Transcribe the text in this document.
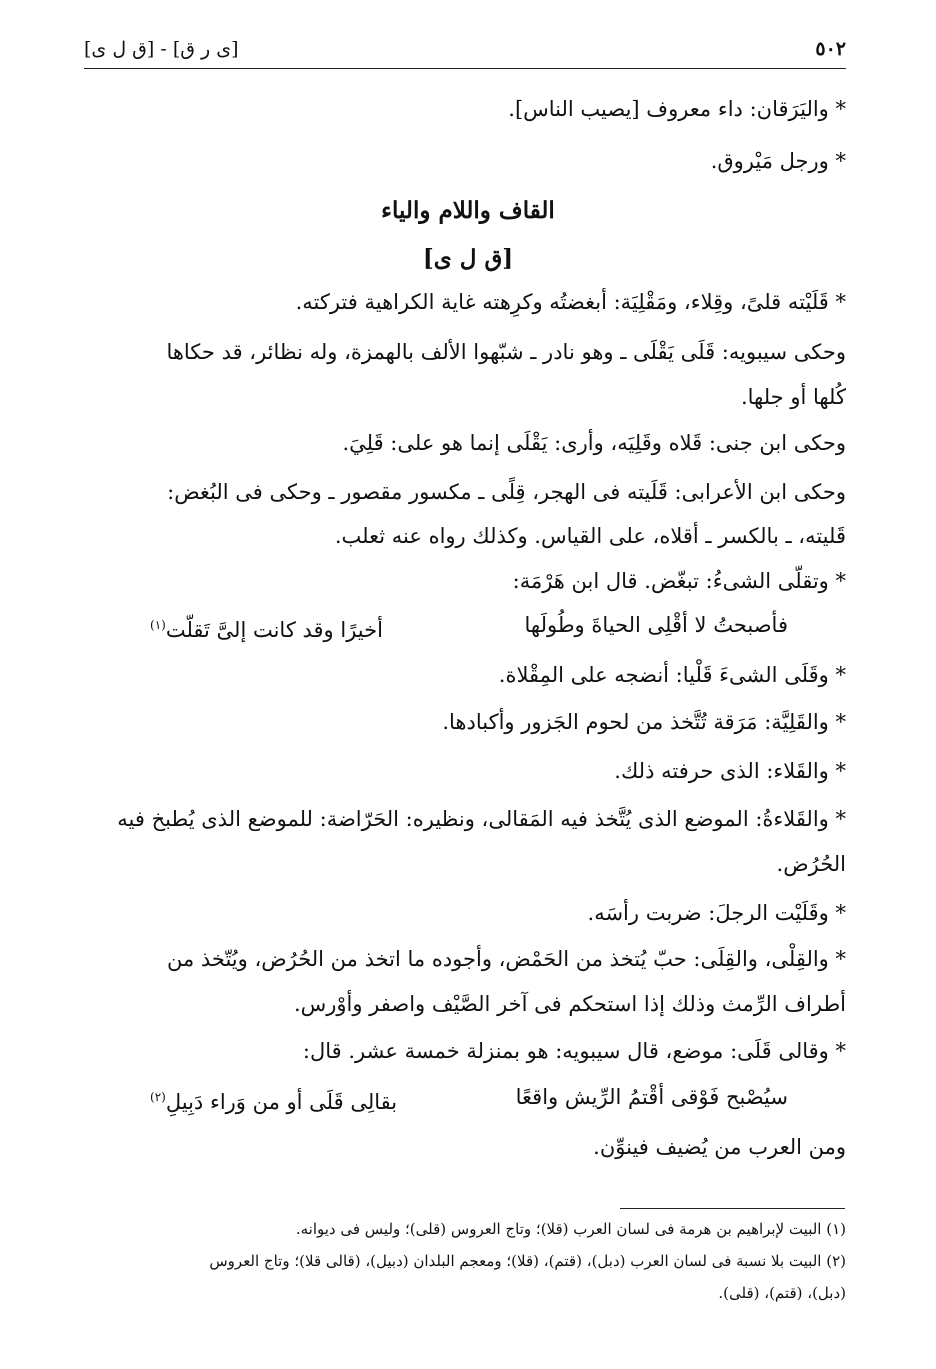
٥٠٢
[ى ر ق] - [ق ل ى]
* واليَرَقان: داء معروف [يصيب الناس].
* ورجل مَيْروق.
القاف واللام والياء
[ق ل ى]
* قَلَيْته قلىً، وقِلاء، ومَقْلِيَة: أبغضتُه وكرِهته غاية الكراهية فتركته.
وحكى سيبويه: قَلَى يَقْلَى ـ وهو نادر ـ شبّهوا الألف بالهمزة، وله نظائر، قد حكاها
كُلها أو جلها.
وحكى ابن جنى: قَلاه وقَلِيَه، وأرى: يَقْلَى إنما هو على: قَلِيَ.
وحكى ابن الأعرابى: قَلَيته فى الهجر، قِلًى ـ مكسور مقصور ـ وحكى فى البُغض:
قَليته، ـ بالكسر ـ أقلاه، على القياس. وكذلك رواه عنه ثعلب.
* وتقلّى الشىءُ: تبغّض. قال ابن هَرْمَة:
فأصبحتُ لا أقْلِى الحياةَ وطُولَها
أخيرًا وقد كانت إلىَّ تَقلّت$^{(١)}$
* وقَلَى الشىءَ قَلْيا: أنضجه على المِقْلاة.
* والقَلِيَّة: مَرَقة تُتَّخذ من لحوم الجَزور وأكبادها.
* والقَلاء: الذى حرفته ذلك.
* والقَلاءةُ: الموضع الذى يُتَّخذ فيه المَقالى، ونظيره: الحَرّاضة: للموضع الذى يُطبخ فيه
الحُرُض.
* وقَلَيْت الرجلَ: ضربت رأسَه.
* والقِلْى، والقِلَى: حبّ يُتخذ من الحَمْض، وأجوده ما اتخذ من الحُرُض، ويُتّخذ من
أطراف الرِّمث وذلك إذا استحكم فى آخر الصَّيْف واصفر وأوْرس.
* وقالى قَلَى: موضع، قال سيبويه: هو بمنزلة خمسة عشر. قال:
سيُصْبح فَوْقى أقْتمُ الرِّيش واقعًا
بقالِى قَلَى أو من وَراء دَبِيلِ$^{(٢)}$
ومن العرب من يُضيف فينوِّن.
(١) البيت لإبراهيم بن هرمة فى لسان العرب (قلا)؛ وتاج العروس (قلى)؛ وليس فى ديوانه.
(٢) البيت بلا نسبة فى لسان العرب (دبل)، (قتم)، (قلا)؛ ومعجم البلدان (دبيل)، (قالى قلا)؛ وتاج العروس
(دبل)، (قتم)، (قلى).
